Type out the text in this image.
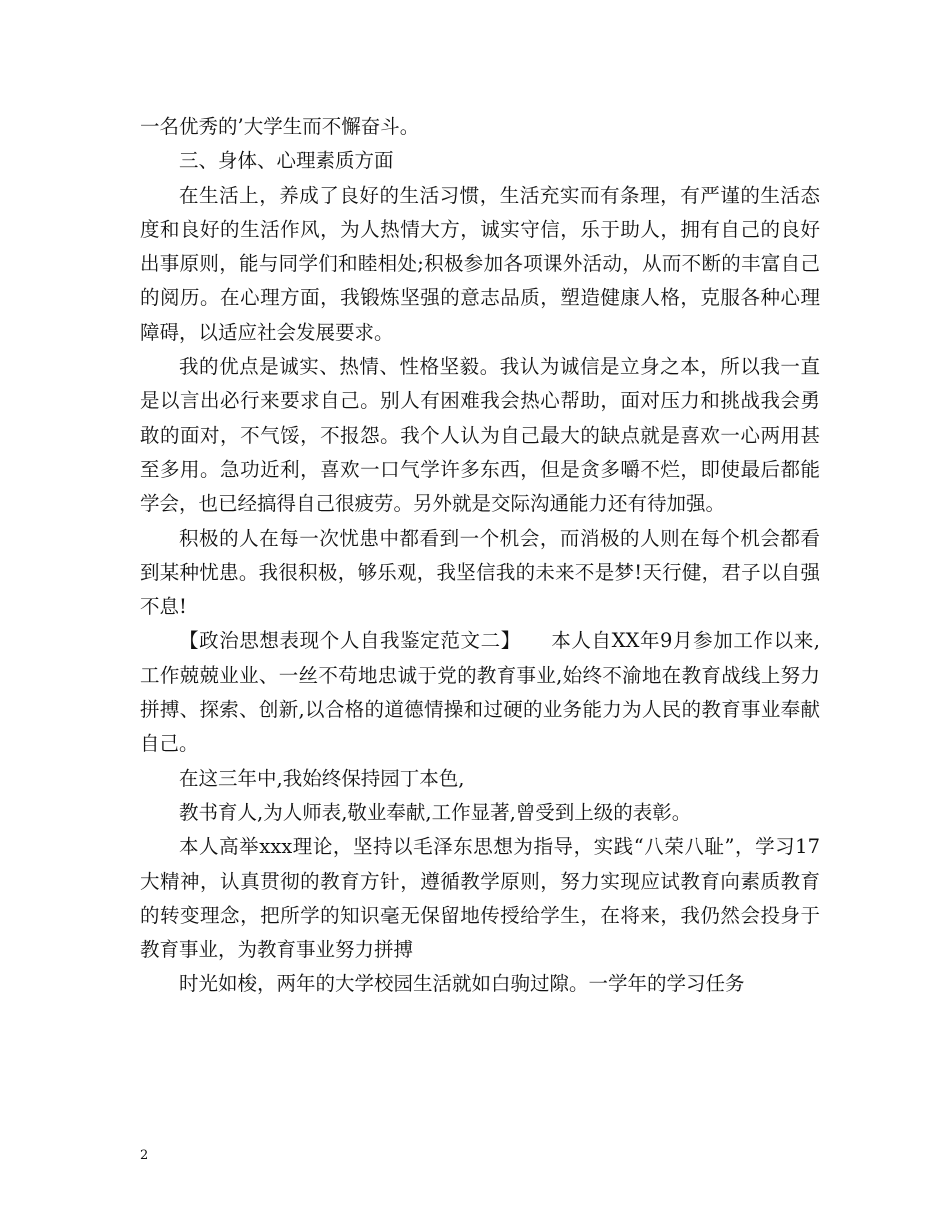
一名优秀的’大学生而不懈奋斗。

三、身体、心理素质方面

在生活上，养成了良好的生活习惯，生活充实而有条理，有严谨的生活态度和良好的生活作风，为人热情大方，诚实守信，乐于助人，拥有自己的良好出事原则，能与同学们和睦相处;积极参加各项课外活动，从而不断的丰富自己的阅历。在心理方面，我锻炼坚强的意志品质，塑造健康人格，克服各种心理障碍，以适应社会发展要求。

我的优点是诚实、热情、性格坚毅。我认为诚信是立身之本，所以我一直是以言出必行来要求自己。别人有困难我会热心帮助，面对压力和挑战我会勇敢的面对，不气馁，不报怨。我个人认为自己最大的缺点就是喜欢一心两用甚至多用。急功近利，喜欢一口气学许多东西，但是贪多嚼不烂，即使最后都能学会，也已经搞得自己很疲劳。另外就是交际沟通能力还有待加强。

积极的人在每一次忧患中都看到一个机会，而消极的人则在每个机会都看到某种忧患。我很积极，够乐观，我坚信我的未来不是梦!天行健，君子以自强不息!

【政治思想表现个人自我鉴定范文二】　　本人自XX年9月参加工作以来,工作兢兢业业、一丝不苟地忠诚于党的教育事业,始终不渝地在教育战线上努力拼搏、探索、创新,以合格的道德情操和过硬的业务能力为人民的教育事业奉献自己。

在这三年中,我始终保持园丁本色,

教书育人,为人师表,敬业奉献,工作显著,曾受到上级的表彰。

本人高举xxx理论，坚持以毛泽东思想为指导，实践“八荣八耻”，学习17大精神，认真贯彻的教育方针，遵循教学原则，努力实现应试教育向素质教育的转变理念，把所学的知识毫无保留地传授给学生，在将来，我仍然会投身于教育事业，为教育事业努力拼搏

时光如梭，两年的大学校园生活就如白驹过隙。一学年的学习任务

2
